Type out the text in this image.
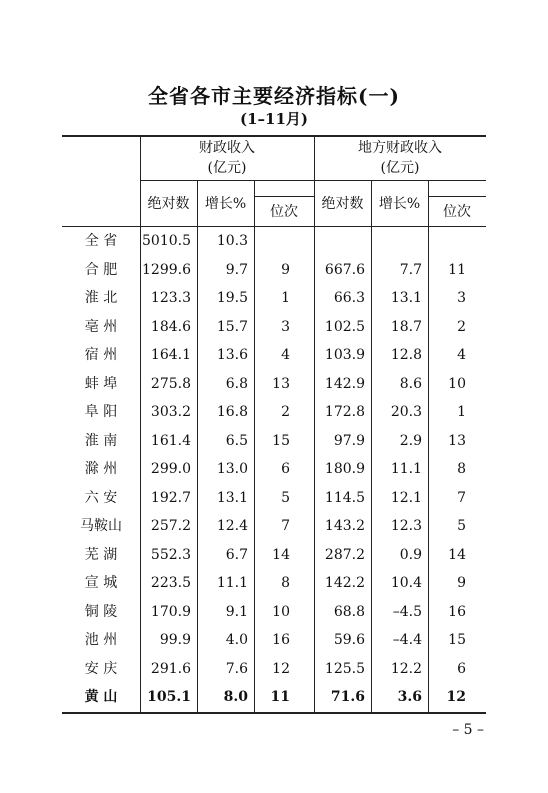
全省各市主要经济指标(一)
(1–11月)
财政收入
(亿元)
地方财政收入
(亿元)
绝对数	增长%	位次	绝对数	增长%	位次
全 省	5010.5	10.3
合 肥	1299.6	9.7	9	667.6	7.7	11
淮 北	123.3	19.5	1	66.3	13.1	3
亳 州	184.6	15.7	3	102.5	18.7	2
宿 州	164.1	13.6	4	103.9	12.8	4
蚌 埠	275.8	6.8	13	142.9	8.6	10
阜 阳	303.2	16.8	2	172.8	20.3	1
淮 南	161.4	6.5	15	97.9	2.9	13
滁 州	299.0	13.0	6	180.9	11.1	8
六 安	192.7	13.1	5	114.5	12.1	7
马鞍山	257.2	12.4	7	143.2	12.3	5
芜 湖	552.3	6.7	14	287.2	0.9	14
宣 城	223.5	11.1	8	142.2	10.4	9
铜 陵	170.9	9.1	10	68.8	–4.5	16
池 州	99.9	4.0	16	59.6	–4.4	15
安 庆	291.6	7.6	12	125.5	12.2	6
黄 山	105.1	8.0	11	71.6	3.6	12
– 5 –
